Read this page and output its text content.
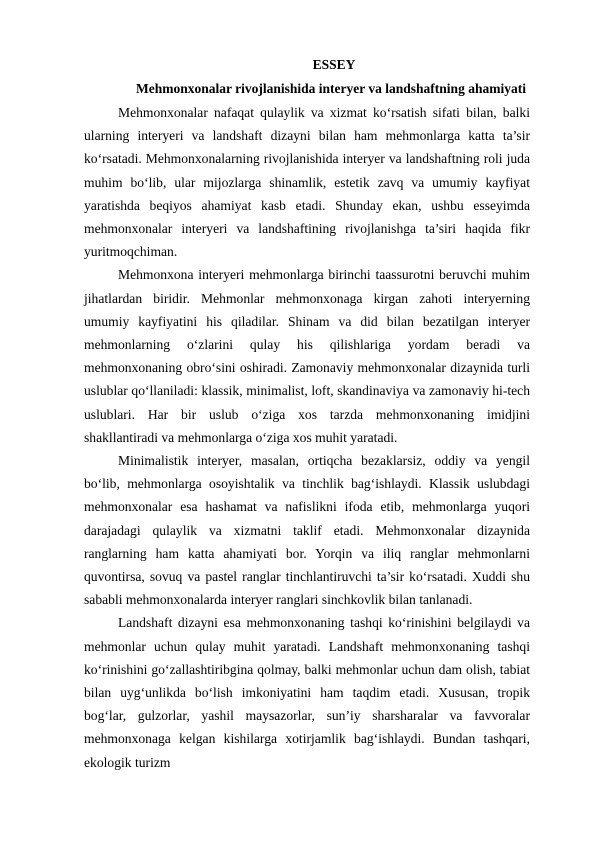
ESSEY
Mehmonxonalar rivojlanishida interyer va landshaftning ahamiyati

Mehmonxonalar nafaqat qulaylik va xizmat ko‘rsatish sifati bilan, balki ularning interyeri va landshaft dizayni bilan ham mehmonlarga katta ta’sir ko‘rsatadi. Mehmonxonalarning rivojlanishida interyer va landshaftning roli juda muhim bo‘lib, ular mijozlarga shinamlik, estetik zavq va umumiy kayfiyat yaratishda beqiyos ahamiyat kasb etadi. Shunday ekan, ushbu esseyimda mehmonxonalar interyeri va landshaftining rivojlanishga ta’siri haqida fikr yuritmoqchiman.

Mehmonxona interyeri mehmonlarga birinchi taassurotni beruvchi muhim jihatlardan biridir. Mehmonlar mehmonxonaga kirgan zahoti interyerning umumiy kayfiyatini his qiladilar. Shinam va did bilan bezatilgan interyer mehmonlarning o‘zlarini qulay his qilishlariga yordam beradi va mehmonxonaning obro‘sini oshiradi. Zamonaviy mehmonxonalar dizaynida turli uslublar qo‘llaniladi: klassik, minimalist, loft, skandinaviya va zamonaviy hi-tech uslublari. Har bir uslub o‘ziga xos tarzda mehmonxonaning imidjini shakllantiradi va mehmonlarga o‘ziga xos muhit yaratadi.

Minimalistik interyer, masalan, ortiqcha bezaklarsiz, oddiy va yengil bo‘lib, mehmonlarga osoyishtalik va tinchlik bag‘ishlaydi. Klassik uslubdagi mehmonxonalar esa hashamat va nafislikni ifoda etib, mehmonlarga yuqori darajadagi qulaylik va xizmatni taklif etadi. Mehmonxonalar dizaynida ranglarning ham katta ahamiyati bor. Yorqin va iliq ranglar mehmonlarni quvontirsa, sovuq va pastel ranglar tinchlantiruvchi ta’sir ko‘rsatadi. Xuddi shu sababli mehmonxonalarda interyer ranglari sinchkovlik bilan tanlanadi.

Landshaft dizayni esa mehmonxonaning tashqi ko‘rinishini belgilaydi va mehmonlar uchun qulay muhit yaratadi. Landshaft mehmonxonaning tashqi ko‘rinishini go‘zallashtiribgina qolmay, balki mehmonlar uchun dam olish, tabiat bilan uyg‘unlikda bo‘lish imkoniyatini ham taqdim etadi. Xususan, tropik bog‘lar, gulzorlar, yashil maysazorlar, sun’iy sharsharalar va favvoralar mehmonxonaga kelgan kishilarga xotirjamlik bag‘ishlaydi. Bundan tashqari, ekologik turizm
